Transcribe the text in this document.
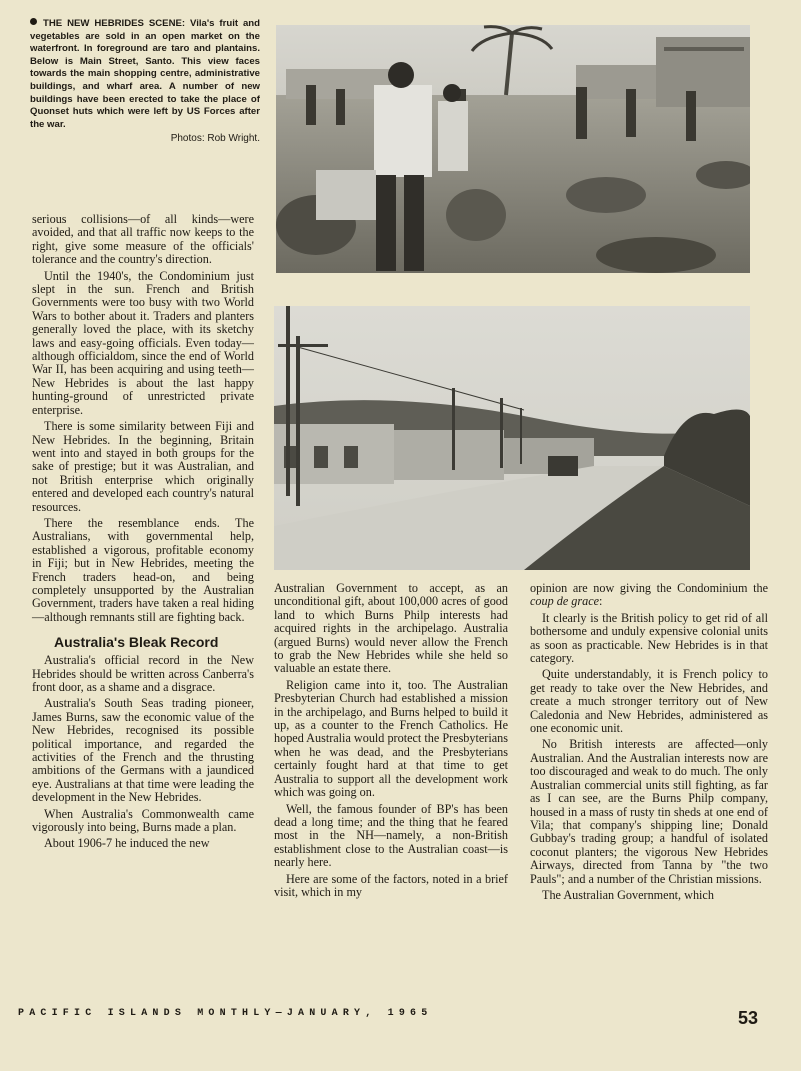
THE NEW HEBRIDES SCENE: Vila's fruit and vegetables are sold in an open market on the waterfront. In foreground are taro and plantains. Below is Main Street, Santo. This view faces towards the main shopping centre, administrative buildings, and wharf area. A number of new buildings have been erected to take the place of Quonset huts which were left by US Forces after the war.
Photos: Rob Wright.

serious collisions—of all kinds—were avoided, and that all traffic now keeps to the right, give some measure of the officials' tolerance and the country's direction.

Until the 1940's, the Condominium just slept in the sun. French and British Governments were too busy with two World Wars to bother about it. Traders and planters generally loved the place, with its sketchy laws and easy-going officials. Even today—although officialdom, since the end of World War II, has been acquiring and using teeth—New Hebrides is about the last happy hunting-ground of unrestricted private enterprise.

There is some similarity between Fiji and New Hebrides. In the beginning, Britain went into and stayed in both groups for the sake of prestige; but it was Australian, and not British enterprise which originally entered and developed each country's natural resources.

There the resemblance ends. The Australians, with governmental help, established a vigorous, profitable economy in Fiji; but in New Hebrides, meeting the French traders head-on, and being completely unsupported by the Australian Government, traders have taken a real hiding—although remnants still are fighting back.

Australia's Bleak Record

Australia's official record in the New Hebrides should be written across Canberra's front door, as a shame and a disgrace.

Australia's South Seas trading pioneer, James Burns, saw the economic value of the New Hebrides, recognised its possible political importance, and regarded the activities of the French and the thrusting ambitions of the Germans with a jaundiced eye. Australians at that time were leading the development in the New Hebrides.

When Australia's Commonwealth came vigorously into being, Burns made a plan.

About 1906-7 he induced the new

Australian Government to accept, as an unconditional gift, about 100,000 acres of good land to which Burns Philp interests had acquired rights in the archipelago. Australia (argued Burns) would never allow the French to grab the New Hebrides while she held so valuable an estate there.

Religion came into it, too. The Australian Presbyterian Church had established a mission in the archipelago, and Burns helped to build it up, as a counter to the French Catholics. He hoped Australia would protect the Presbyterians when he was dead, and the Presbyterians certainly fought hard at that time to get Australia to support all the development work which was going on.

Well, the famous founder of BP's has been dead a long time; and the thing that he feared most in the NH—namely, a non-British establishment close to the Australian coast—is nearly here.

Here are some of the factors, noted in a brief visit, which in my

opinion are now giving the Condominium the coup de grace:

It clearly is the British policy to get rid of all bothersome and unduly expensive colonial units as soon as practicable. New Hebrides is in that category.

Quite understandably, it is French policy to get ready to take over the New Hebrides, and create a much stronger territory out of New Caledonia and New Hebrides, administered as one economic unit.

No British interests are affected—only Australian. And the Australian interests now are too discouraged and weak to do much. The only Australian commercial units still fighting, as far as I can see, are the Burns Philp company, housed in a mass of rusty tin sheds at one end of Vila; that company's shipping line; Donald Gubbay's trading group; a handful of isolated coconut planters; the vigorous New Hebrides Airways, directed from Tanna by "the two Pauls"; and a number of the Christian missions.

The Australian Government, which

PACIFIC ISLANDS MONTHLY—JANUARY, 1965	53
